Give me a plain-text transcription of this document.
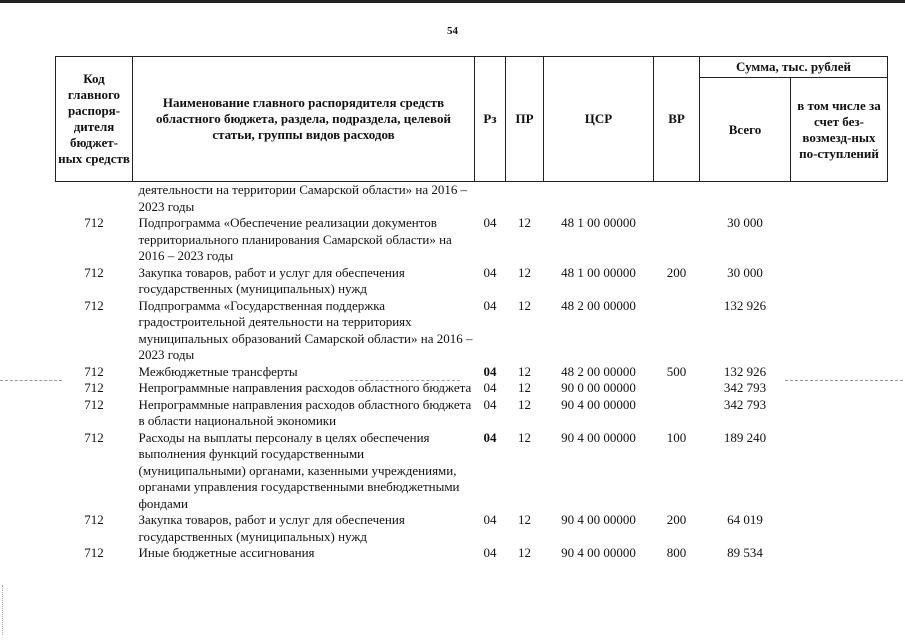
54
Код главного распоря-дителя бюджет-ных средств	Наименование главного распорядителя средств областного бюджета, раздела, подраздела, целевой статьи, группы видов расходов	Рз	ПР	ЦСР	ВР	Сумма, тыс. рублей	
						Всего	в том числе за счет без-возмезд-ных по-ступлений
	деятельности на территории Самарской области» на 2016 – 2023 годы						
712	Подпрограмма «Обеспечение реализации документов территориального планирования Самарской области» на 2016 – 2023 годы	04	12	48 1 00 00000		30 000	
712	Закупка товаров, работ и услуг для обеспечения государственных (муниципальных) нужд	04	12	48 1 00 00000	200	30 000	
712	Подпрограмма «Государственная поддержка градостроительной деятельности на территориях муниципальных образований Самарской области» на 2016 – 2023 годы	04	12	48 2 00 00000		132 926	
712	Межбюджетные трансферты	04	12	48 2 00 00000	500	132 926	
712	Непрограммные направления расходов областного бюджета	04	12	90 0 00 00000		342 793	
712	Непрограммные направления расходов областного бюджета в области национальной экономики	04	12	90 4 00 00000		342 793	
712	Расходы на выплаты персоналу в целях обеспечения выполнения функций государственными (муниципальными) органами, казенными учреждениями, органами управления государственными внебюджетными фондами	04	12	90 4 00 00000	100	189 240	
712	Закупка товаров, работ и услуг для обеспечения государственных (муниципальных) нужд	04	12	90 4 00 00000	200	64 019	
712	Иные бюджетные ассигнования	04	12	90 4 00 00000	800	89 534	
